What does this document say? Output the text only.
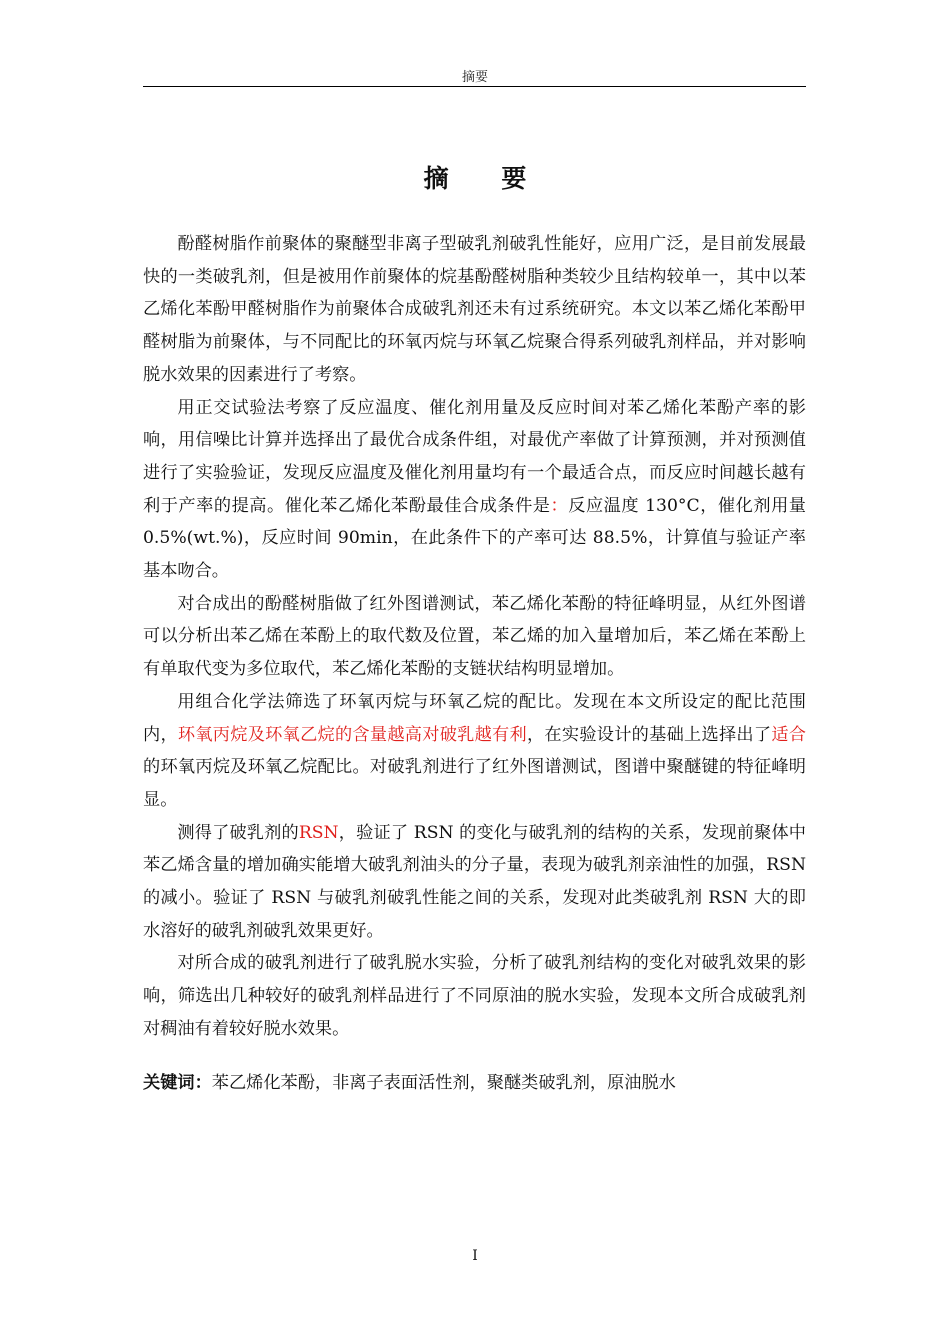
摘要
摘 要

酚醛树脂作前聚体的聚醚型非离子型破乳剂破乳性能好，应用广泛，是目前发展最快的一类破乳剂，但是被用作前聚体的烷基酚醛树脂种类较少且结构较单一，其中以苯乙烯化苯酚甲醛树脂作为前聚体合成破乳剂还未有过系统研究。本文以苯乙烯化苯酚甲醛树脂为前聚体，与不同配比的环氧丙烷与环氧乙烷聚合得系列破乳剂样品，并对影响脱水效果的因素进行了考察。

用正交试验法考察了反应温度、催化剂用量及反应时间对苯乙烯化苯酚产率的影响，用信噪比计算并选择出了最优合成条件组，对最优产率做了计算预测，并对预测值进行了实验验证，发现反应温度及催化剂用量均有一个最适合点，而反应时间越长越有利于产率的提高。催化苯乙烯化苯酚最佳合成条件是：反应温度 130°C，催化剂用量 0.5%(wt.%)，反应时间 90min，在此条件下的产率可达 88.5%，计算值与验证产率基本吻合。

对合成出的酚醛树脂做了红外图谱测试，苯乙烯化苯酚的特征峰明显，从红外图谱可以分析出苯乙烯在苯酚上的取代数及位置，苯乙烯的加入量增加后，苯乙烯在苯酚上有单取代变为多位取代，苯乙烯化苯酚的支链状结构明显增加。

用组合化学法筛选了环氧丙烷与环氧乙烷的配比。发现在本文所设定的配比范围内，环氧丙烷及环氧乙烷的含量越高对破乳越有利，在实验设计的基础上选择出了适合的环氧丙烷及环氧乙烷配比。对破乳剂进行了红外图谱测试，图谱中聚醚键的特征峰明显。

测得了破乳剂的RSN，验证了 RSN 的变化与破乳剂的结构的关系，发现前聚体中苯乙烯含量的增加确实能增大破乳剂油头的分子量，表现为破乳剂亲油性的加强，RSN 的减小。验证了 RSN 与破乳剂破乳性能之间的关系，发现对此类破乳剂 RSN 大的即水溶好的破乳剂破乳效果更好。

对所合成的破乳剂进行了破乳脱水实验，分析了破乳剂结构的变化对破乳效果的影响，筛选出几种较好的破乳剂样品进行了不同原油的脱水实验，发现本文所合成破乳剂对稠油有着较好脱水效果。

关键词：苯乙烯化苯酚，非离子表面活性剂，聚醚类破乳剂，原油脱水
I
